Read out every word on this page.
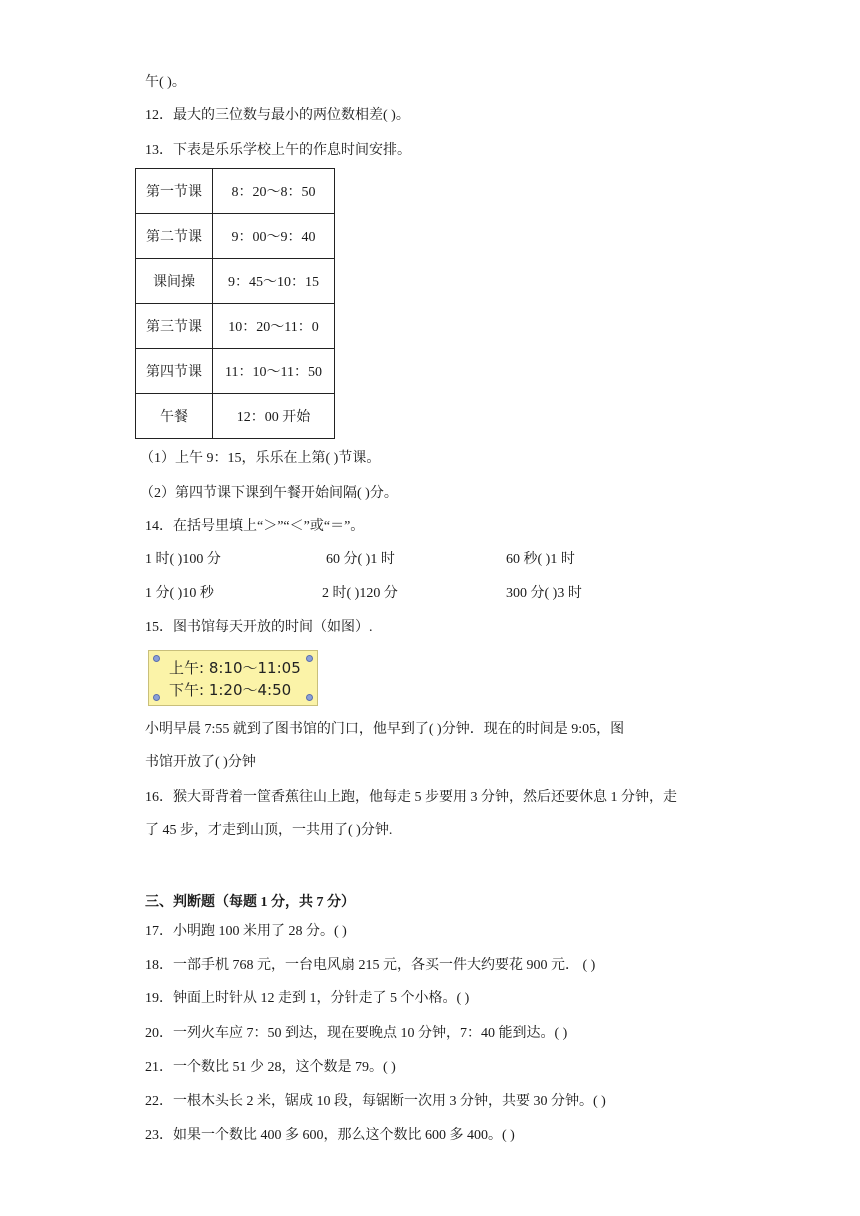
午( )。
12．最大的三位数与最小的两位数相差( )。
13．下表是乐乐学校上午的作息时间安排。
第一节课	8：20～8：50
第二节课	9：00～9：40
课间操	9：45～10：15
第三节课	10：20～11：0
第四节课	11：10～11：50
午餐	12：00 开始
（1）上午 9：15，乐乐在上第( )节课。
（2）第四节课下课到午餐开始间隔( )分。
14．在括号里填上“＞”“＜”或“＝”。
1 时( )100 分	60 分( )1 时	60 秒( )1 时
1 分( )10 秒	2 时( )120 分	300 分( )3 时
15．图书馆每天开放的时间（如图）.
上午: 8:10～11:05
下午: 1:20～4:50
小明早晨 7:55 就到了图书馆的门口，他早到了( )分钟．现在的时间是 9:05，图
书馆开放了( )分钟
16．猴大哥背着一筐香蕉往山上跑，他每走 5 步要用 3 分钟，然后还要休息 1 分钟，走
了 45 步，才走到山顶，一共用了( )分钟.
三、判断题（每题 1 分，共 7 分）
17．小明跑 100 米用了 28 分。( )
18．一部手机 768 元，一台电风扇 215 元，各买一件大约要花 900 元． ( )
19．钟面上时针从 12 走到 1，分针走了 5 个小格。( )
20．一列火车应 7：50 到达，现在要晚点 10 分钟，7：40 能到达。( )
21．一个数比 51 少 28，这个数是 79。( )
22．一根木头长 2 米，锯成 10 段，每锯断一次用 3 分钟，共要 30 分钟。( )
23．如果一个数比 400 多 600，那么这个数比 600 多 400。( )
